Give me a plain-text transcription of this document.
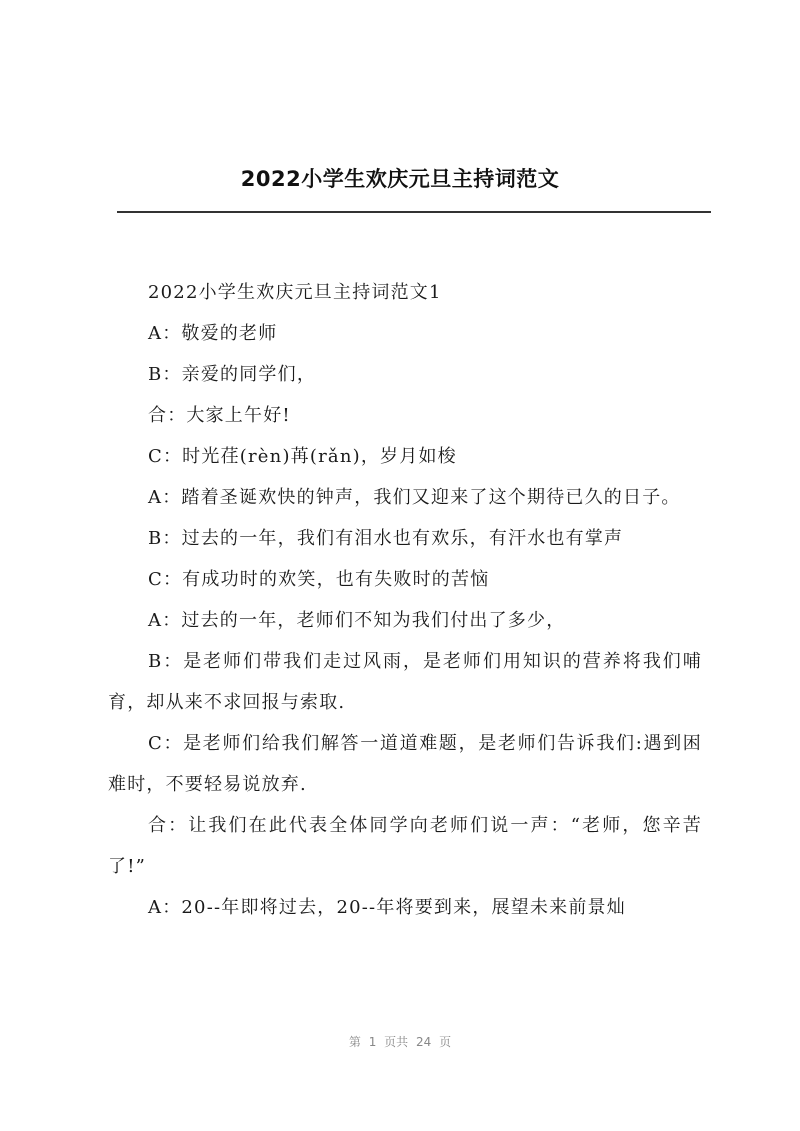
2022小学生欢庆元旦主持词范文

2022小学生欢庆元旦主持词范文1

A：敬爱的老师

B：亲爱的同学们，

合：大家上午好!

C：时光荏(rèn)苒(rǎn)，岁月如梭

A：踏着圣诞欢快的钟声，我们又迎来了这个期待已久的日子。

B：过去的一年，我们有泪水也有欢乐，有汗水也有掌声

C：有成功时的欢笑，也有失败时的苦恼

A：过去的一年，老师们不知为我们付出了多少，

B：是老师们带我们走过风雨，是老师们用知识的营养将我们哺育，却从来不求回报与索取.

C：是老师们给我们解答一道道难题，是老师们告诉我们:遇到困难时，不要轻易说放弃.

合：让我们在此代表全体同学向老师们说一声：“老师，您辛苦了!”

A：20--年即将过去，20--年将要到来，展望未来前景灿

第 1 页共 24 页
